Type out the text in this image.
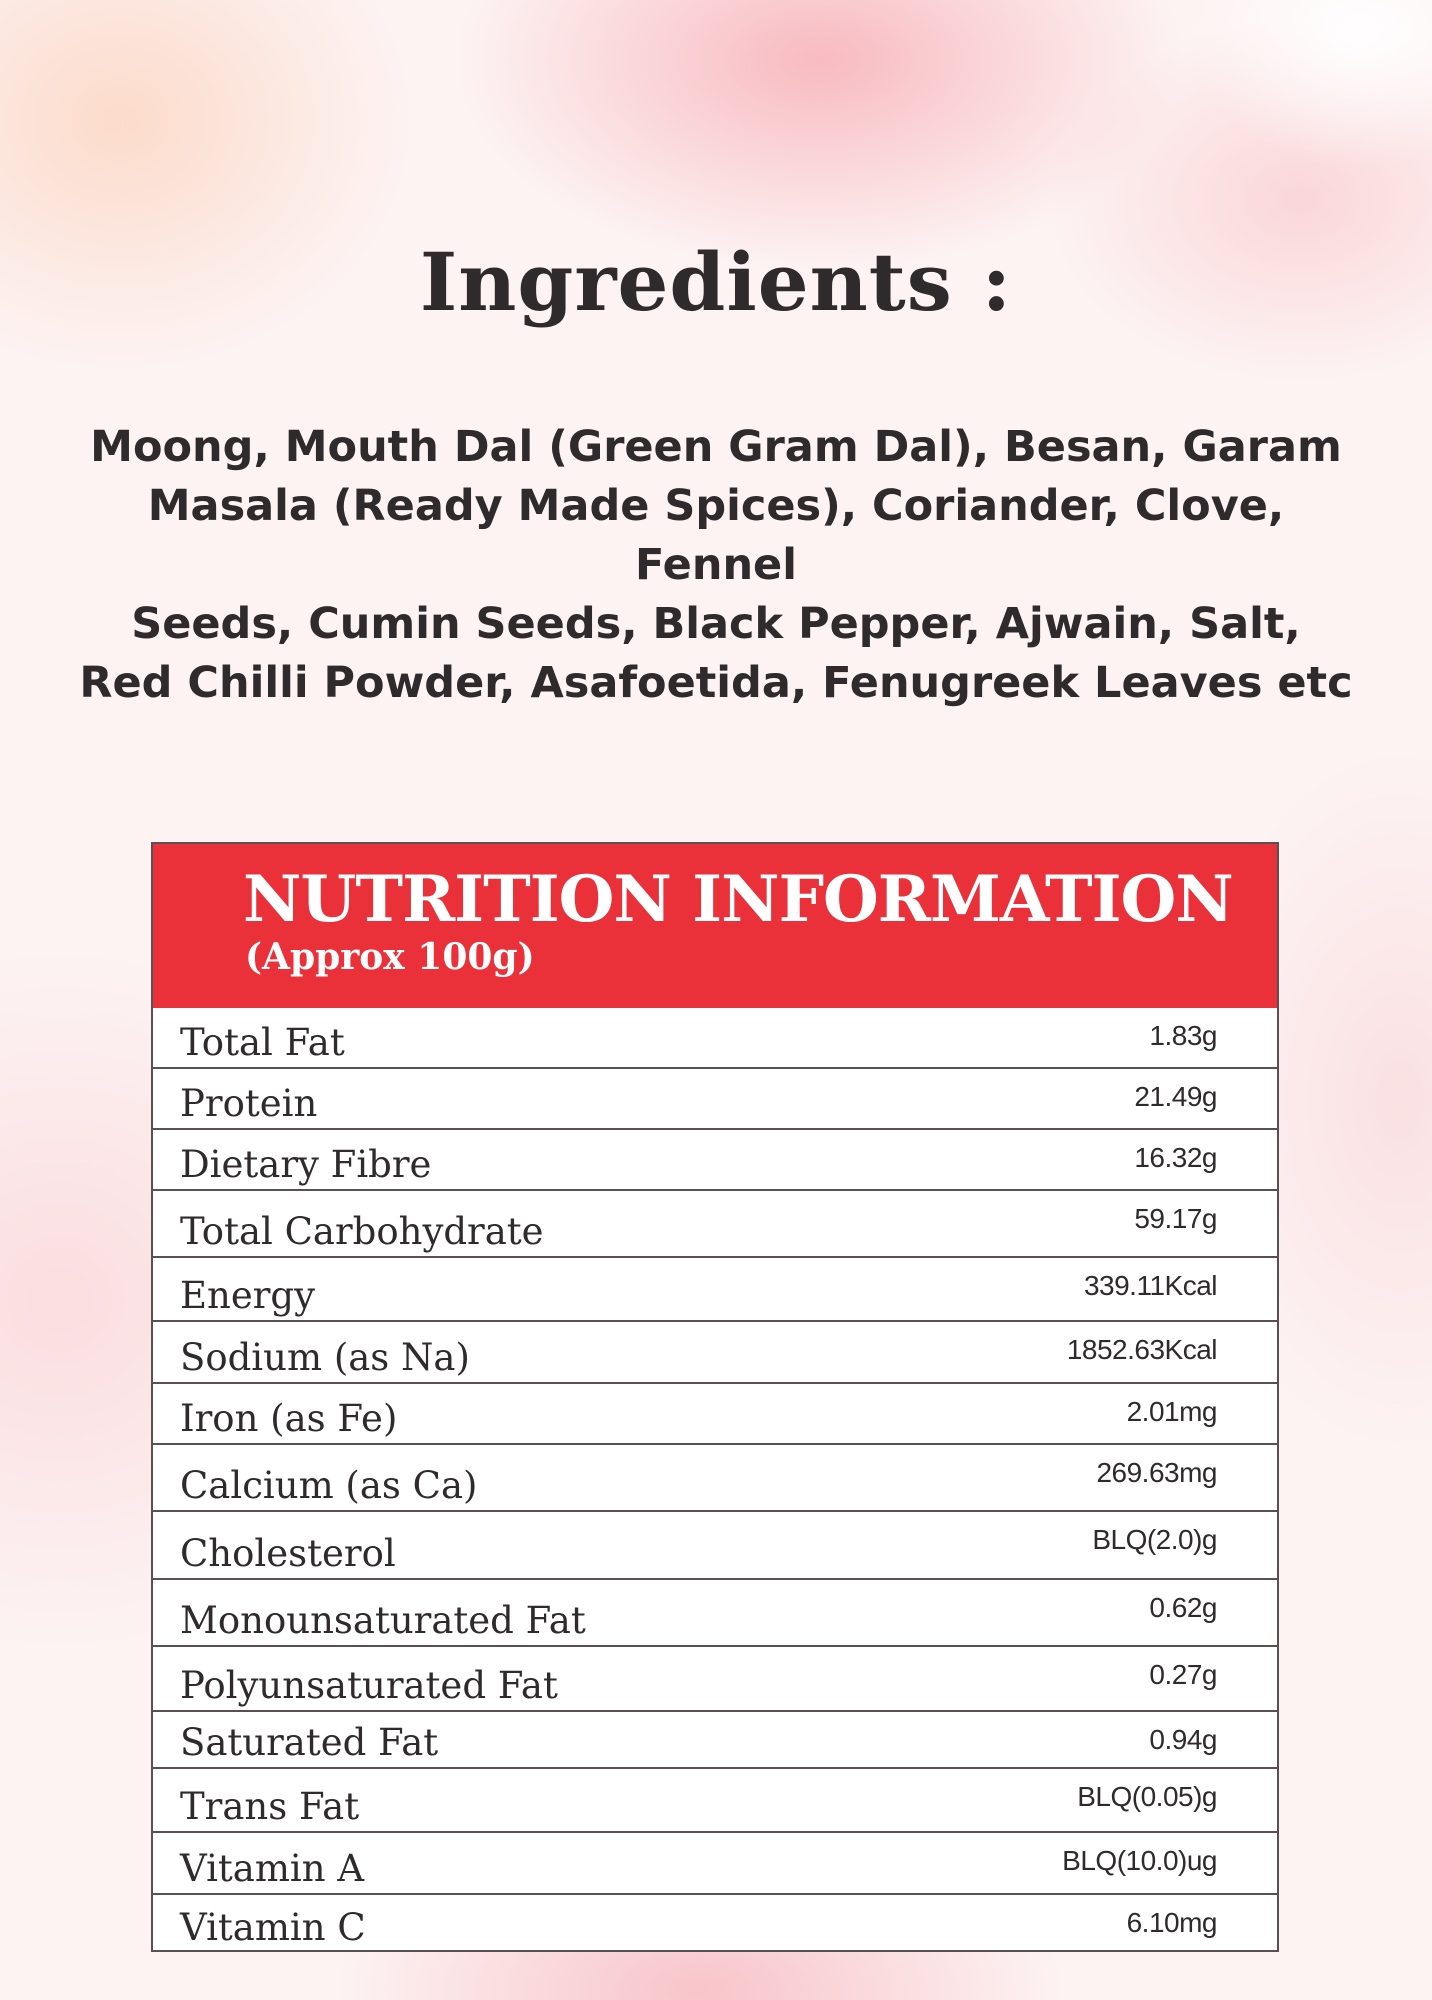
Ingredients :
Moong, Mouth Dal (Green Gram Dal), Besan, Garam
Masala (Ready Made Spices), Coriander, Clove, Fennel
Seeds, Cumin Seeds, Black Pepper, Ajwain, Salt,
Red Chilli Powder, Asafoetida, Fenugreek Leaves etc
NUTRITION INFORMATION
(Approx 100g)
Total Fat	1.83g
Protein	21.49g
Dietary Fibre	16.32g
Total Carbohydrate	59.17g
Energy	339.11Kcal
Sodium (as Na)	1852.63Kcal
Iron (as Fe)	2.01mg
Calcium (as Ca)	269.63mg
Cholesterol	BLQ(2.0)g
Monounsaturated Fat	0.62g
Polyunsaturated Fat	0.27g
Saturated Fat	0.94g
Trans Fat	BLQ(0.05)g
Vitamin A	BLQ(10.0)ug
Vitamin C	6.10mg
